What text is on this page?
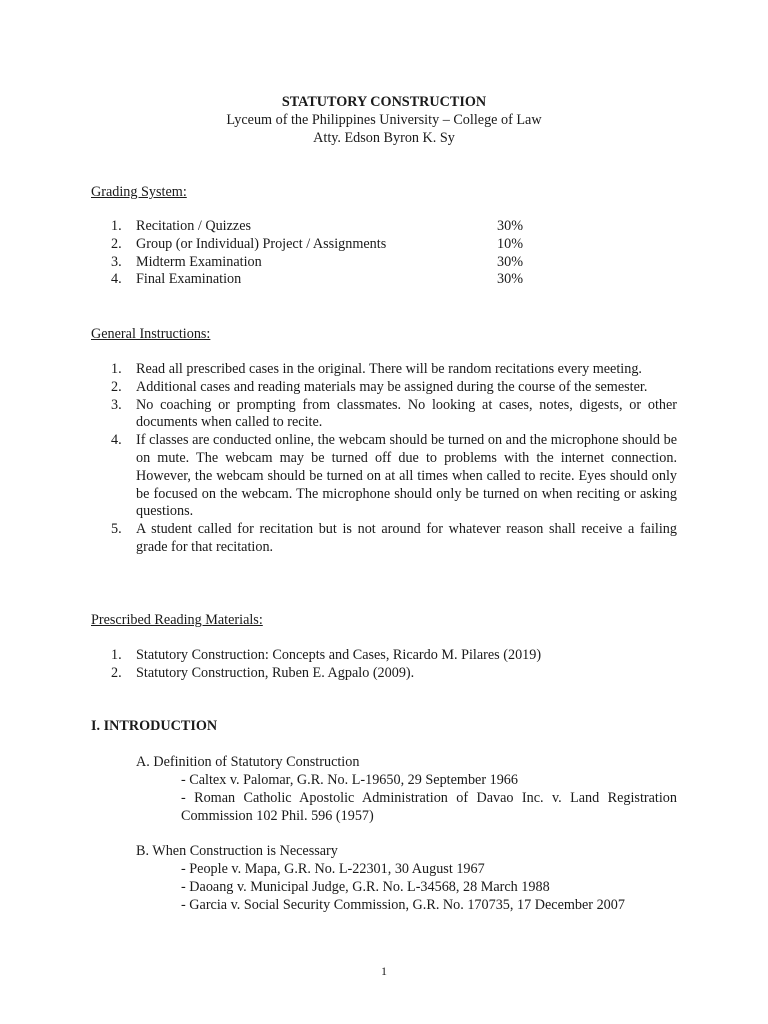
STATUTORY CONSTRUCTION
Lyceum of the Philippines University – College of Law
Atty. Edson Byron K. Sy
Grading System:
1. Recitation / Quizzes	30%
2. Group (or Individual) Project / Assignments	10%
3. Midterm Examination	30%
4. Final Examination	30%
General Instructions:
1. Read all prescribed cases in the original. There will be random recitations every meeting.
2. Additional cases and reading materials may be assigned during the course of the semester.
3. No coaching or prompting from classmates. No looking at cases, notes, digests, or other documents when called to recite.
4. If classes are conducted online, the webcam should be turned on and the microphone should be on mute. The webcam may be turned off due to problems with the internet connection. However, the webcam should be turned on at all times when called to recite. Eyes should only be focused on the webcam. The microphone should only be turned on when reciting or asking questions.
5. A student called for recitation but is not around for whatever reason shall receive a failing grade for that recitation.
Prescribed Reading Materials:
1. Statutory Construction: Concepts and Cases, Ricardo M. Pilares (2019)
2. Statutory Construction, Ruben E. Agpalo (2009).
I. INTRODUCTION
A. Definition of Statutory Construction
- Caltex v. Palomar, G.R. No. L-19650, 29 September 1966
- Roman Catholic Apostolic Administration of Davao Inc. v. Land Registration Commission 102 Phil. 596 (1957)
B. When Construction is Necessary
- People v. Mapa, G.R. No. L-22301, 30 August 1967
- Daoang v. Municipal Judge, G.R. No. L-34568, 28 March 1988
- Garcia v. Social Security Commission, G.R. No. 170735, 17 December 2007
1
